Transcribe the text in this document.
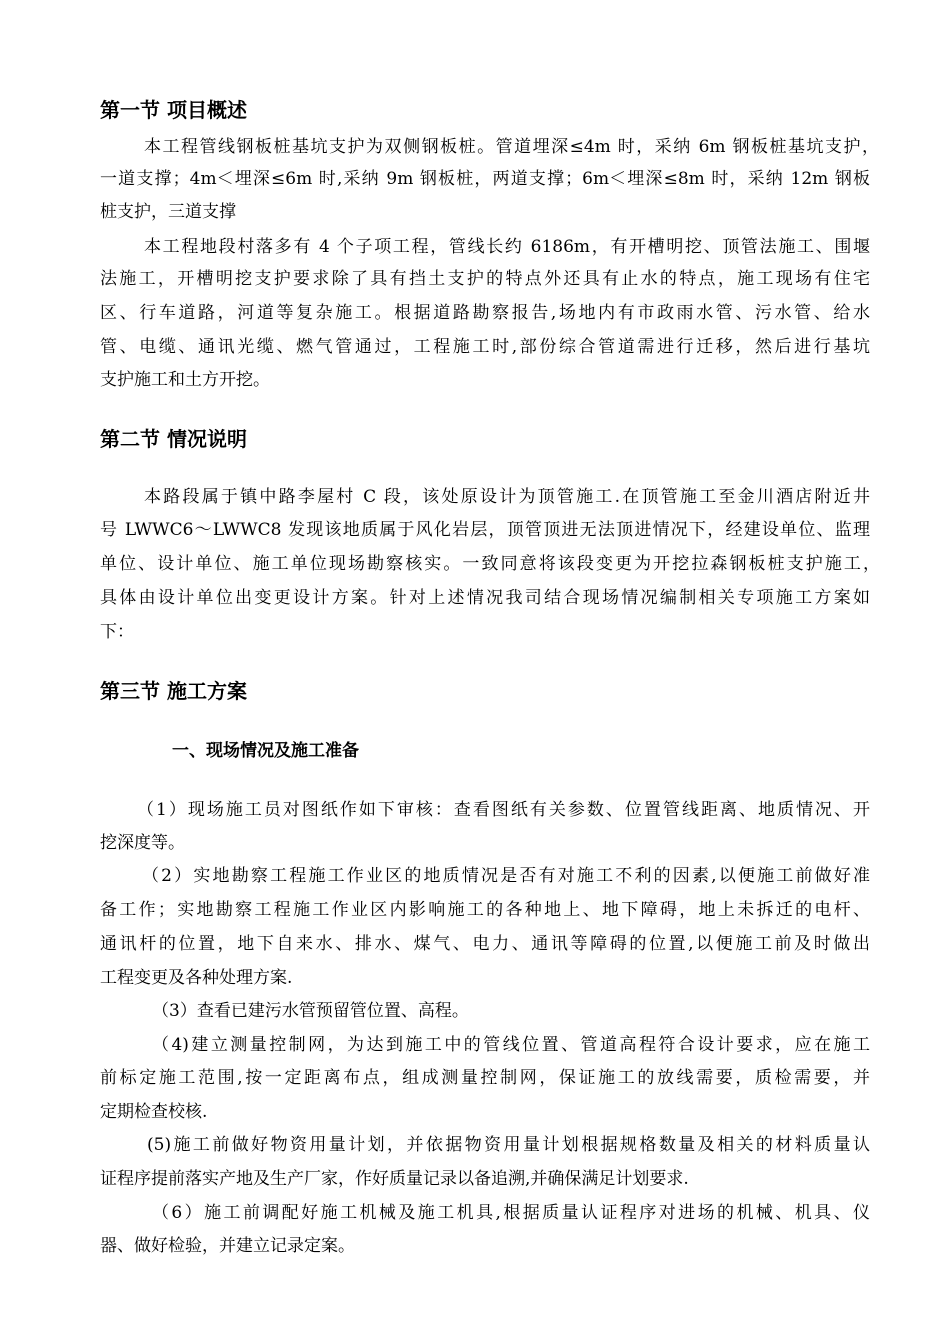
第一节 项目概述
本工程管线钢板桩基坑支护为双侧钢板桩。管道埋深≤4m 时，采纳 6m 钢板桩基坑支护，
一道支撑；4m＜埋深≤6m 时,采纳 9m 钢板桩，两道支撑；6m＜埋深≤8m 时，采纳 12m 钢板
桩支护，三道支撑
本工程地段村落多有 4 个子项工程，管线长约 6186m，有开槽明挖、顶管法施工、围堰
法施工，开槽明挖支护要求除了具有挡土支护的特点外还具有止水的特点，施工现场有住宅
区、行车道路，河道等复杂施工。根据道路勘察报告,场地内有市政雨水管、污水管、给水
管、电缆、通讯光缆、燃气管通过，工程施工时,部份综合管道需进行迁移，然后进行基坑
支护施工和土方开挖。
第二节 情况说明
本路段属于镇中路李屋村 C 段，该处原设计为顶管施工.在顶管施工至金川酒店附近井
号 LWWC6～LWWC8 发现该地质属于风化岩层，顶管顶进无法顶进情况下，经建设单位、监理
单位、设计单位、施工单位现场勘察核实。一致同意将该段变更为开挖拉森钢板桩支护施工，
具体由设计单位出变更设计方案。针对上述情况我司结合现场情况编制相关专项施工方案如
下：
第三节 施工方案
一、现场情况及施工准备
（1）现场施工员对图纸作如下审核：查看图纸有关参数、位置管线距离、地质情况、开
挖深度等。
（2）实地勘察工程施工作业区的地质情况是否有对施工不利的因素,以便施工前做好准
备工作；实地勘察工程施工作业区内影响施工的各种地上、地下障碍，地上未拆迁的电杆、
通讯杆的位置，地下自来水、排水、煤气、电力、通讯等障碍的位置,以便施工前及时做出
工程变更及各种处理方案.
（3）查看已建污水管预留管位置、高程。
（4)建立测量控制网，为达到施工中的管线位置、管道高程符合设计要求，应在施工
前标定施工范围,按一定距离布点，组成测量控制网，保证施工的放线需要，质检需要，并
定期检查校核.
(5)施工前做好物资用量计划，并依据物资用量计划根据规格数量及相关的材料质量认
证程序提前落实产地及生产厂家，作好质量记录以备追溯,并确保满足计划要求.
（6）施工前调配好施工机械及施工机具,根据质量认证程序对进场的机械、机具、仪
器、做好检验，并建立记录定案。
